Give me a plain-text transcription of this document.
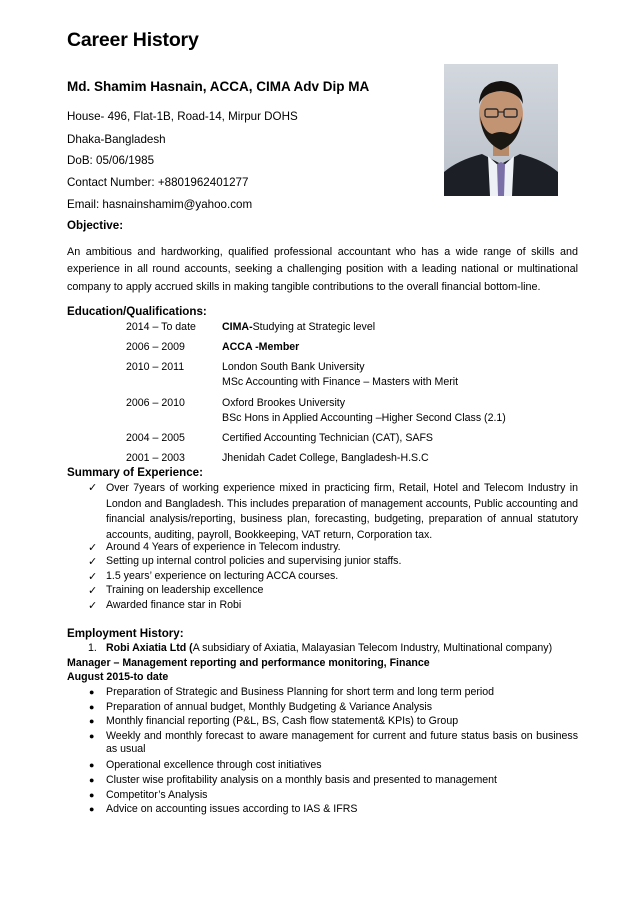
Career History
Md. Shamim Hasnain, ACCA, CIMA Adv Dip MA
House- 496, Flat-1B, Road-14, Mirpur DOHS
Dhaka-Bangladesh
DoB: 05/06/1985
Contact Number: +8801962401277
Email: hasnainshamim@yahoo.com
Objective:
An ambitious and hardworking, qualified professional accountant who has a wide range of skills and
experience in all round accounts, seeking a challenging position with a leading national or multinational
company to apply accrued skills in making tangible contributions to the overall financial bottom-line.
Education/Qualifications:
2014 – To date CIMA-Studying at Strategic level
2006 – 2009	ACCA -Member
2010 – 2011	London South Bank University
MSc Accounting with Finance – Masters with Merit
2006 – 2010	Oxford Brookes University
BSc Hons in Applied Accounting –Higher Second Class (2.1)
2004 – 2005	Certified Accounting Technician (CAT), SAFS
2001 – 2003	Jhenidah Cadet College, Bangladesh-H.S.C
Summary of Experience:
✓ Over 7years of working experience mixed in practicing firm, Retail, Hotel and Telecom Industry in
London and Bangladesh. This includes preparation of management accounts, Public accounting and
financial analysis/reporting, business plan, forecasting, budgeting, preparation of annual statutory
accounts, auditing, payroll, Bookkeeping, VAT return, Corporation tax.
✓ Around 4 Years of experience in Telecom industry.
✓ Setting up internal control policies and supervising junior staffs.
✓ 1.5 years’ experience on lecturing ACCA courses.
✓ Training on leadership excellence
✓ Awarded finance star in Robi
Employment History:
1. Robi Axiatia Ltd (A subsidiary of Axiatia, Malayasian Telecom Industry, Multinational company)
Manager – Management reporting and performance monitoring, Finance
August 2015-to date
● Preparation of Strategic and Business Planning for short term and long term period
● Preparation of annual budget, Monthly Budgeting & Variance Analysis
● Monthly financial reporting (P&L, BS, Cash flow statement& KPIs) to Group
● Weekly and monthly forecast to aware management for current and future status basis on business
as usual
● Operational excellence through cost initiatives
● Cluster wise profitability analysis on a monthly basis and presented to management
● Competitor’s Analysis
● Advice on accounting issues according to IAS & IFRS
